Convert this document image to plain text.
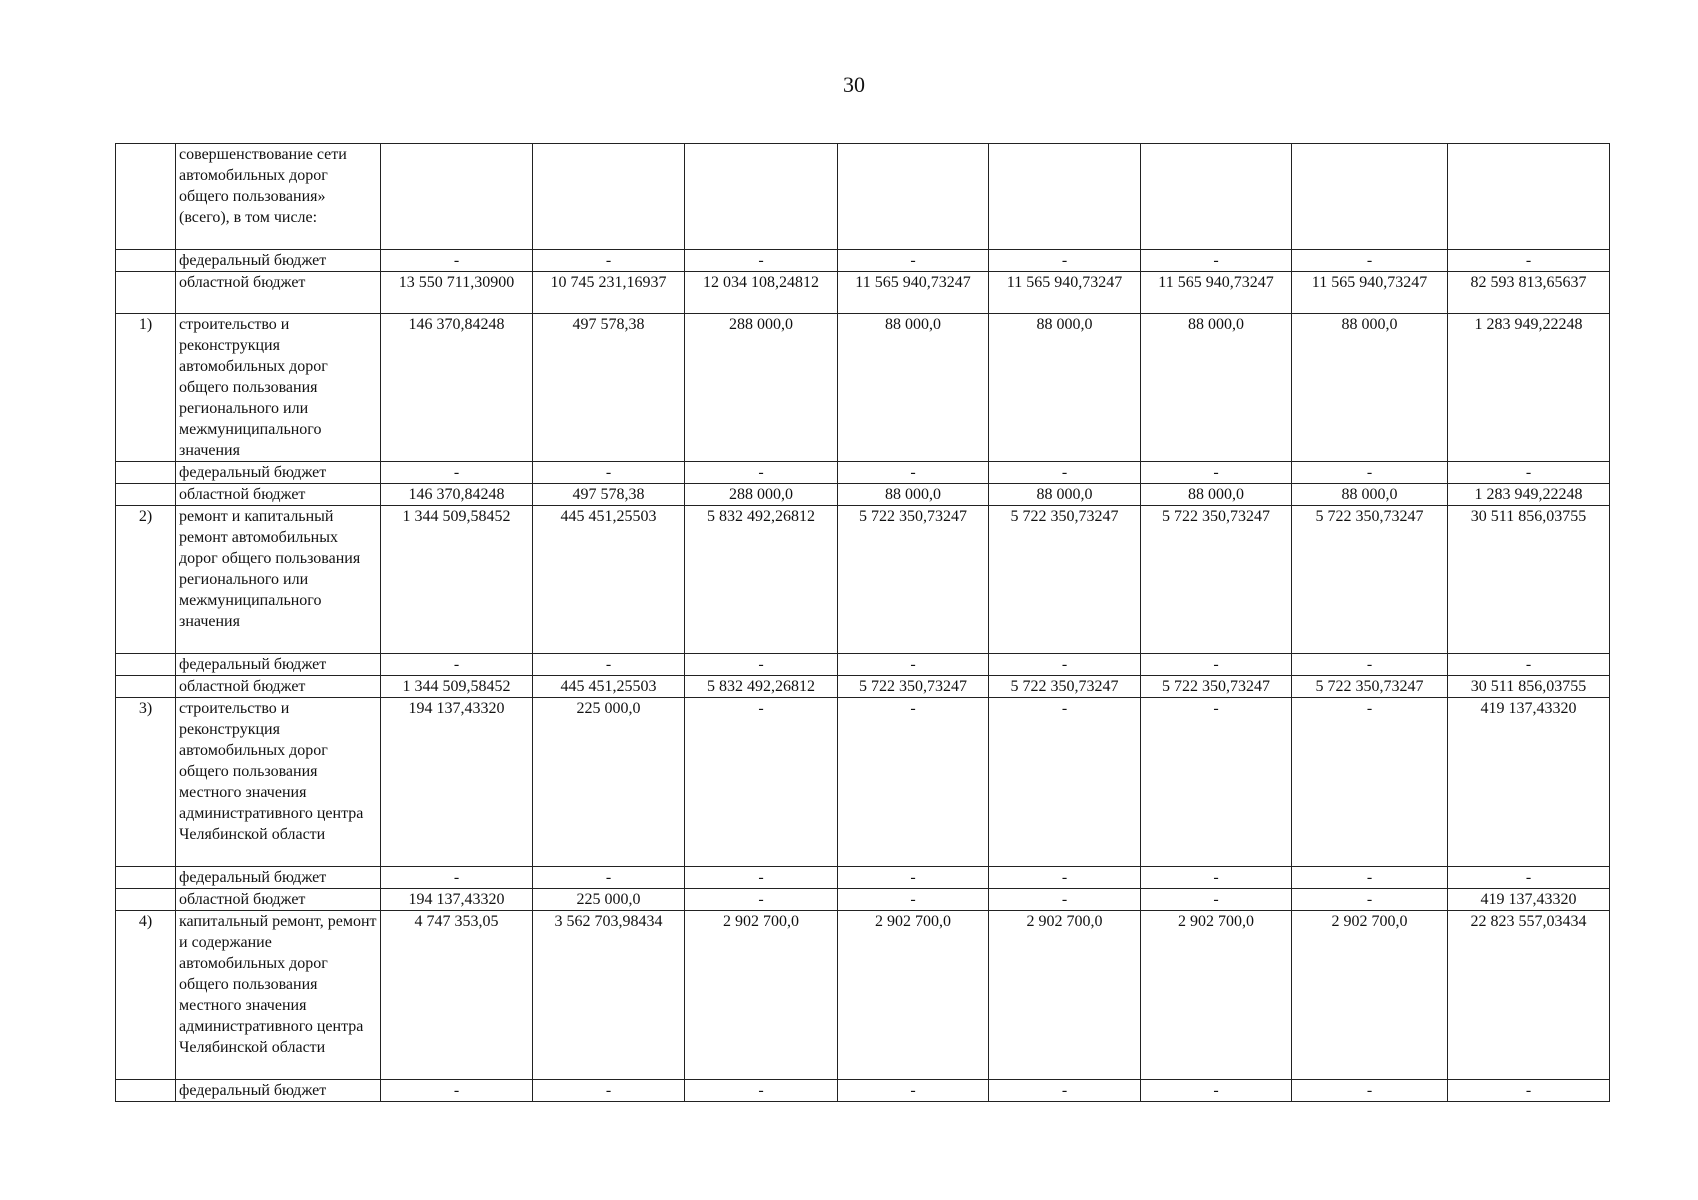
30
	совершенствование сети автомобильных дорог общего пользования» (всего), в том числе:								
	федеральный бюджет	-	-	-	-	-	-	-	-
	областной бюджет	13 550 711,30900	10 745 231,16937	12 034 108,24812	11 565 940,73247	11 565 940,73247	11 565 940,73247	11 565 940,73247	82 593 813,65637
1)	строительство и реконструкция автомобильных дорог общего пользования регионального или межмуниципального значения	146 370,84248	497 578,38	288 000,0	88 000,0	88 000,0	88 000,0	88 000,0	1 283 949,22248
	федеральный бюджет	-	-	-	-	-	-	-	-
	областной бюджет	146 370,84248	497 578,38	288 000,0	88 000,0	88 000,0	88 000,0	88 000,0	1 283 949,22248
2)	ремонт и капитальный ремонт автомобильных дорог общего пользования регионального или межмуниципального значения	1 344 509,58452	445 451,25503	5 832 492,26812	5 722 350,73247	5 722 350,73247	5 722 350,73247	5 722 350,73247	30 511 856,03755
	федеральный бюджет	-	-	-	-	-	-	-	-
	областной бюджет	1 344 509,58452	445 451,25503	5 832 492,26812	5 722 350,73247	5 722 350,73247	5 722 350,73247	5 722 350,73247	30 511 856,03755
3)	строительство и реконструкция автомобильных дорог общего пользования местного значения административного центра Челябинской области	194 137,43320	225 000,0	-	-	-	-	-	419 137,43320
	федеральный бюджет	-	-	-	-	-	-	-	-
	областной бюджет	194 137,43320	225 000,0	-	-	-	-	-	419 137,43320
4)	капитальный ремонт, ремонт и содержание автомобильных дорог общего пользования местного значения административного центра Челябинской области	4 747 353,05	3 562 703,98434	2 902 700,0	2 902 700,0	2 902 700,0	2 902 700,0	2 902 700,0	22 823 557,03434
	федеральный бюджет	-	-	-	-	-	-	-	-
